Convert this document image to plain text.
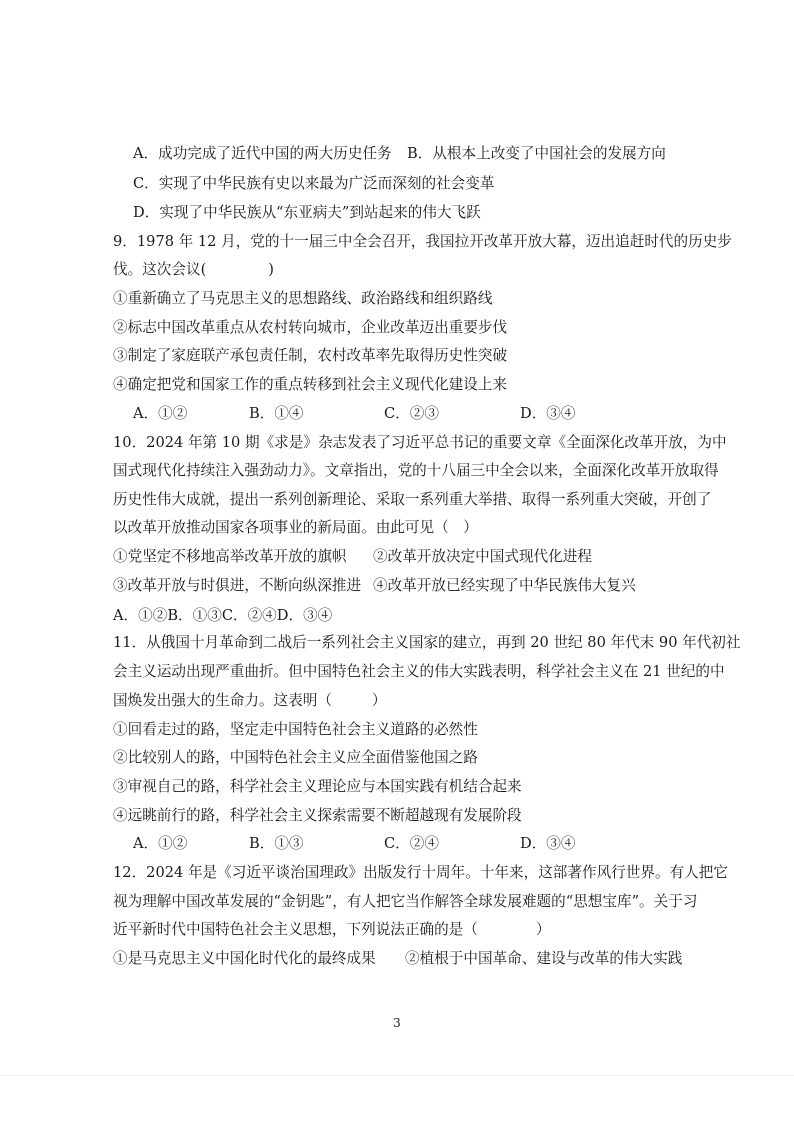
A．成功完成了近代中国的两大历史任务 B．从根本上改变了中国社会的发展方向
C．实现了中华民族有史以来最为广泛而深刻的社会变革
D．实现了中华民族从“东亚病夫”到站起来的伟大飞跃
9．1978 年 12 月，党的十一届三中全会召开，我国拉开改革开放大幕，迈出追赶时代的历史步
伐。这次会议(	)
①重新确立了马克思主义的思想路线、政治路线和组织路线
②标志中国改革重点从农村转向城市，企业改革迈出重要步伐
③制定了家庭联产承包责任制，农村改革率先取得历史性突破
④确定把党和国家工作的重点转移到社会主义现代化建设上来
A．①②	B．①④	C．②③	D．③④
10．2024 年第 10 期《求是》杂志发表了习近平总书记的重要文章《全面深化改革开放，为中
国式现代化持续注入强劲动力》。文章指出，党的十八届三中全会以来，全面深化改革开放取得
历史性伟大成就，提出一系列创新理论、采取一系列重大举措、取得一系列重大突破，开创了
以改革开放推动国家各项事业的新局面。由此可见（　）
①党坚定不移地高举改革开放的旗帜 ②改革开放决定中国式现代化进程
③改革开放与时俱进，不断向纵深推进 ④改革开放已经实现了中华民族伟大复兴
A．①②B．①③C．②④D．③④
11．从俄国十月革命到二战后一系列社会主义国家的建立，再到 20 世纪 80 年代末 90 年代初社
会主义运动出现严重曲折。但中国特色社会主义的伟大实践表明，科学社会主义在 21 世纪的中
国焕发出强大的生命力。这表明（	）
①回看走过的路，坚定走中国特色社会主义道路的必然性
②比较别人的路，中国特色社会主义应全面借鉴他国之路
③审视自己的路，科学社会主义理论应与本国实践有机结合起来
④远眺前行的路，科学社会主义探索需要不断超越现有发展阶段
A．①②	B．①③	C．②④	D．③④
12．2024 年是《习近平谈治国理政》出版发行十周年。十年来，这部著作风行世界。有人把它
视为理解中国改革发展的“金钥匙”，有人把它当作解答全球发展难题的“思想宝库”。关于习
近平新时代中国特色社会主义思想，下列说法正确的是（	）
①是马克思主义中国化时代化的最终成果 ②植根于中国革命、建设与改革的伟大实践
3
